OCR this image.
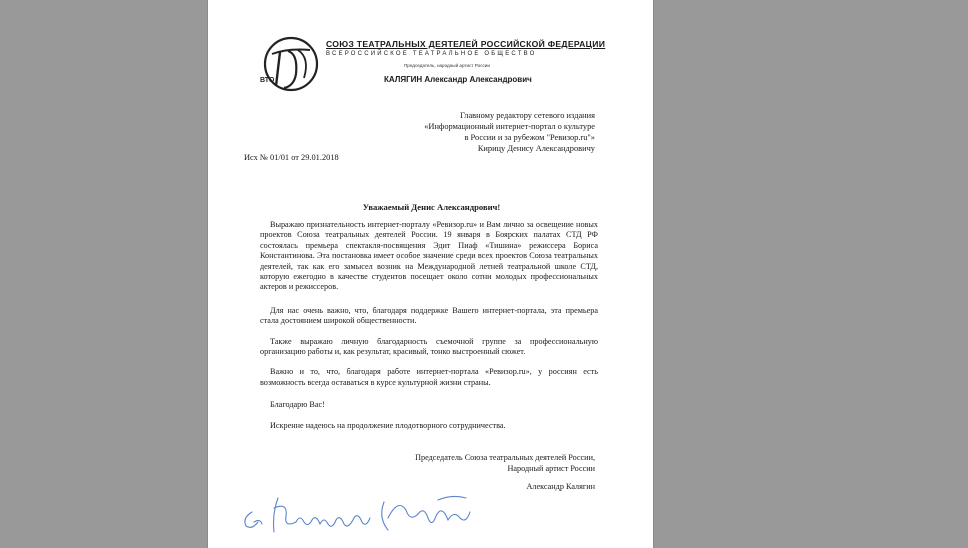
ВТО
СОЮЗ ТЕАТРАЛЬНЫХ ДЕЯТЕЛЕЙ РОССИЙСКОЙ ФЕДЕРАЦИИ
ВСЕРОССИЙСКОЕ ТЕАТРАЛЬНОЕ ОБЩЕСТВО
Председатель, народный артист России
КАЛЯГИН Александр Александрович
Главному редактору сетевого издания
«Информационный интернет-портал о культуре
в России и за рубежом "Ревизор.ru"»
Кирицу Денису Александровичу
Исх № 01/01 от 29.01.2018
Уважаемый Денис Александрович!

Выражаю признательность интернет-порталу «Ревизор.ru» и Вам лично за освещение новых проектов Союза театральных деятелей России. 19 января в Боярских палатах СТД РФ состоялась премьера спектакля-посвящения Эдит Пиаф «Тишина» режиссера Бориса Константинова. Эта постановка имеет особое значение среди всех проектов Союза театральных деятелей, так как его замысел возник на Международной летней театральной школе СТД, которую ежегодно в качестве студентов посещает около сотни молодых профессиональных актеров и режиссеров.

Для нас очень важно, что, благодаря поддержке Вашего интернет-портала, эта премьера стала достоянием широкой общественности.

Также выражаю личную благодарность съемочной группе за профессиональную организацию работы и, как результат, красивый, тонко выстроенный сюжет.

Важно и то, что, благодаря работе интернет-портала «Ревизор.ru», у россиян есть возможность всегда оставаться в курсе культурной жизни страны.

Благодарю Вас!

Искренне надеюсь на продолжение плодотворного сотрудничества.

Председатель Союза театральных деятелей России,
Народный артист России
Александр Калягин
